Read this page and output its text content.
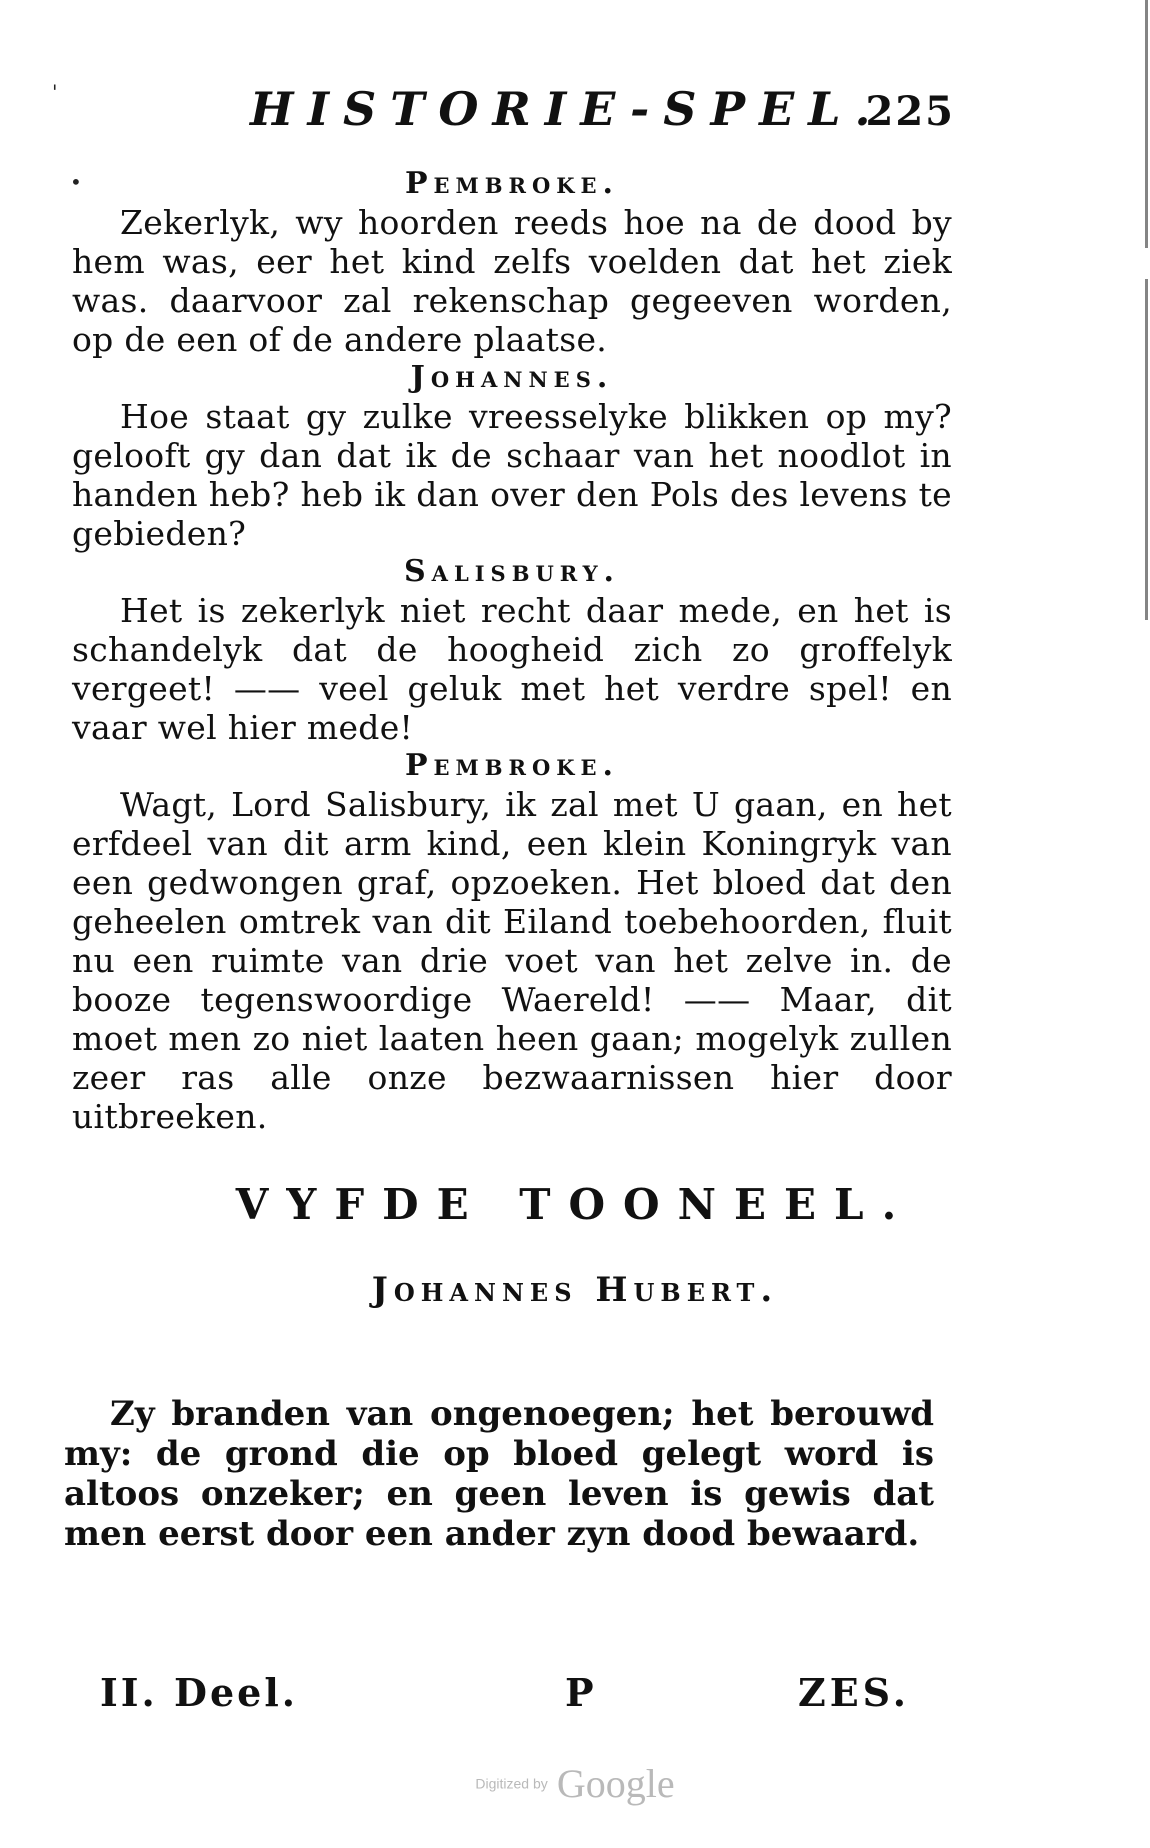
'
•
HISTORIE-SPEL.
225

Pembroke.

Zekerlyk, wy hoorden reeds hoe na de dood by hem was, eer het kind zelfs voelden dat het ziek was. daarvoor zal rekenschap gegeeven worden, op de een of de andere plaatse.

Johannes.

Hoe staat gy zulke vreesselyke blikken op my? gelooft gy dan dat ik de schaar van het noodlot in handen heb? heb ik dan over den Pols des levens te gebieden?

Salisbury.

Het is zekerlyk niet recht daar mede, en het is schandelyk dat de hoogheid zich zo groffelyk vergeet! —— veel geluk met het verdre spel! en vaar wel hier mede!

Pembroke.

Wagt, Lord Salisbury, ik zal met U gaan, en het erfdeel van dit arm kind, een klein Koningryk van een gedwongen graf, opzoeken. Het bloed dat den geheelen omtrek van dit Eiland toebehoorden, fluit nu een ruimte van drie voet van het zelve in. de booze tegenswoordige Waereld! —— Maar, dit moet men zo niet laaten heen gaan; mogelyk zullen zeer ras alle onze bezwaarnissen hier door uitbreeken.

VYFDE TOONEEL.
Johannes Hubert.

Zy branden van ongenoegen; het berouwd my: de grond die op bloed gelegt word is altoos onzeker; en geen leven is gewis dat men eerst door een ander zyn dood bewaard.

II. Deel.	P	ZES.
Digitized by Google
